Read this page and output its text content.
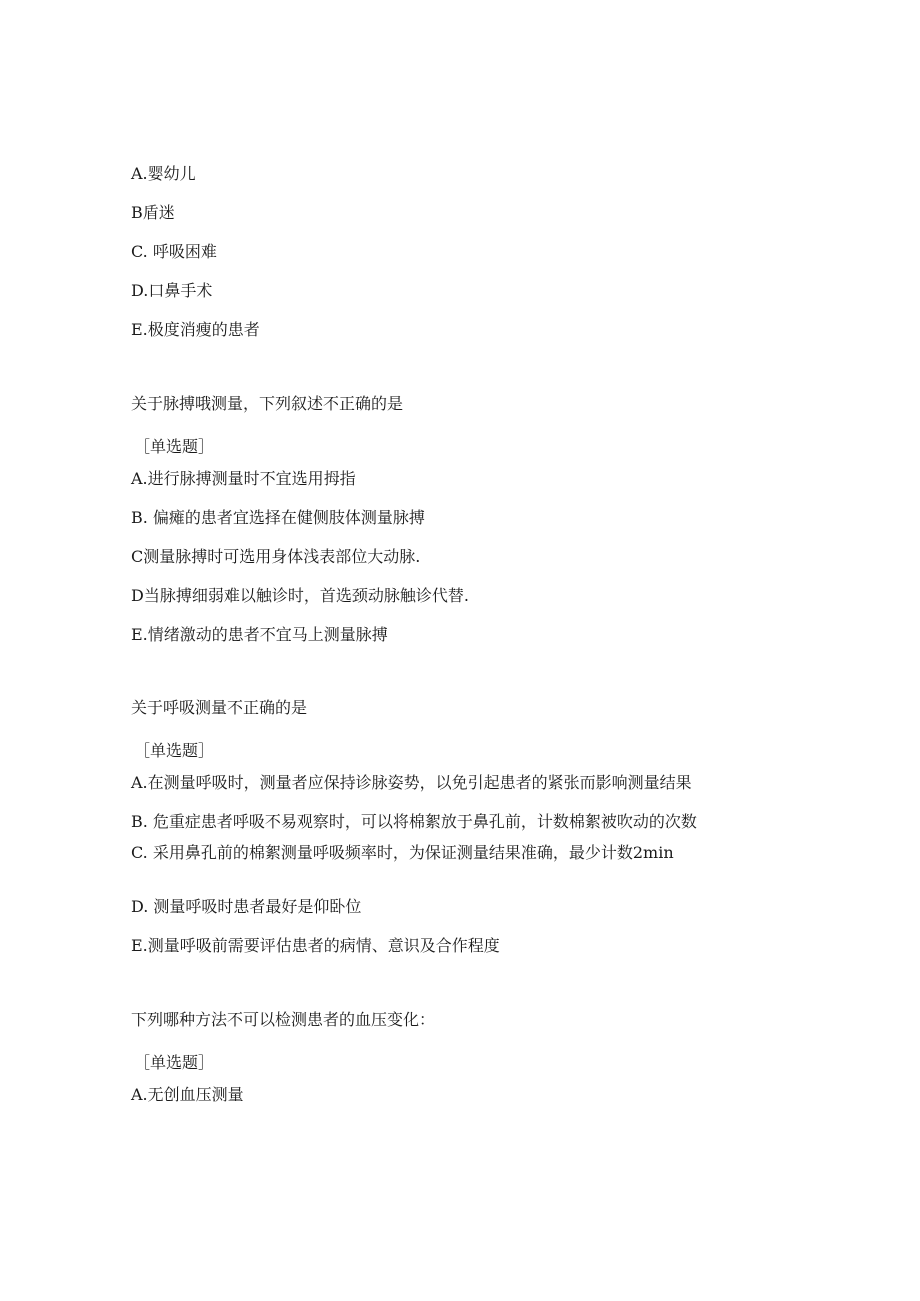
A.婴幼儿
B盾迷
C. 呼吸困难
D.口鼻手术
E.极度消瘦的患者
关于脉搏哦测量，下列叙述不正确的是
［单选题］
A.进行脉搏测量时不宜选用拇指
B. 偏瘫的患者宜选择在健侧肢体测量脉搏
C测量脉搏时可选用身体浅表部位大动脉.
D当脉搏细弱难以触诊时，首选颈动脉触诊代替.
E.情绪激动的患者不宜马上测量脉搏
关于呼吸测量不正确的是
［单选题］
A.在测量呼吸时，测量者应保持诊脉姿势，以免引起患者的紧张而影响测量结果
B. 危重症患者呼吸不易观察时，可以将棉絮放于鼻孔前，计数棉絮被吹动的次数
C. 采用鼻孔前的棉絮测量呼吸频率时，为保证测量结果准确，最少计数2min
D. 测量呼吸时患者最好是仰卧位
E.测量呼吸前需要评估患者的病情、意识及合作程度
下列哪种方法不可以检测患者的血压变化：
［单选题］
A.无创血压测量
